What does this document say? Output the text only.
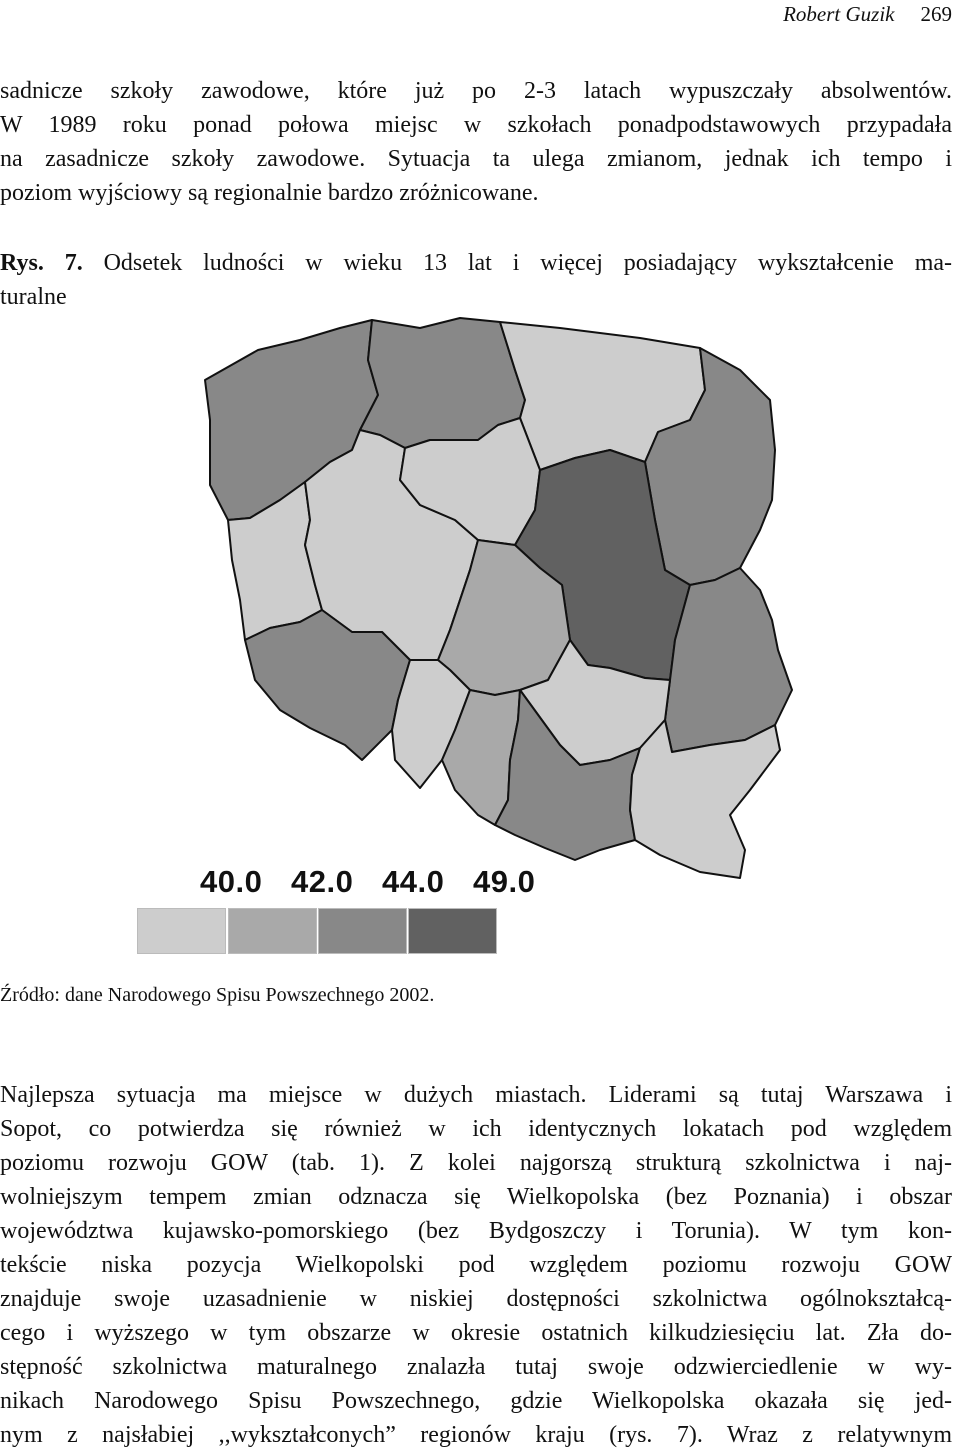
Robert Guzik 269
sadnicze szkoły zawodowe, które już po 2-3 latach wypuszczały absolwentów.
W 1989 roku ponad połowa miejsc w szkołach ponadpodstawowych przypadała
na zasadnicze szkoły zawodowe. Sytuacja ta ulega zmianom, jednak ich tempo i
poziom wyjściowy są regionalnie bardzo zróżnicowane.
Rys. 7. Odsetek ludności w wieku 13 lat i więcej posiadający wykształcenie ma-
turalne
40.0 42.0 44.0 49.0
Źródło: dane Narodowego Spisu Powszechnego 2002.
Najlepsza sytuacja ma miejsce w dużych miastach. Liderami są tutaj Warszawa i
Sopot, co potwierdza się również w ich identycznych lokatach pod względem
poziomu rozwoju GOW (tab. 1). Z kolei najgorszą strukturą szkolnictwa i naj-
wolniejszym tempem zmian odznacza się Wielkopolska (bez Poznania) i obszar
województwa kujawsko-pomorskiego (bez Bydgoszczy i Torunia). W tym kon-
tekście niska pozycja Wielkopolski pod względem poziomu rozwoju GOW
znajduje swoje uzasadnienie w niskiej dostępności szkolnictwa ogólnokształcą-
cego i wyższego w tym obszarze w okresie ostatnich kilkudziesięciu lat. Zła do-
stępność szkolnictwa maturalnego znalazła tutaj swoje odzwierciedlenie w wy-
nikach Narodowego Spisu Powszechnego, gdzie Wielkopolska okazała się jed-
nym z najsłabiej ,,wykształconych” regionów kraju (rys. 7). Wraz z relatywnym
